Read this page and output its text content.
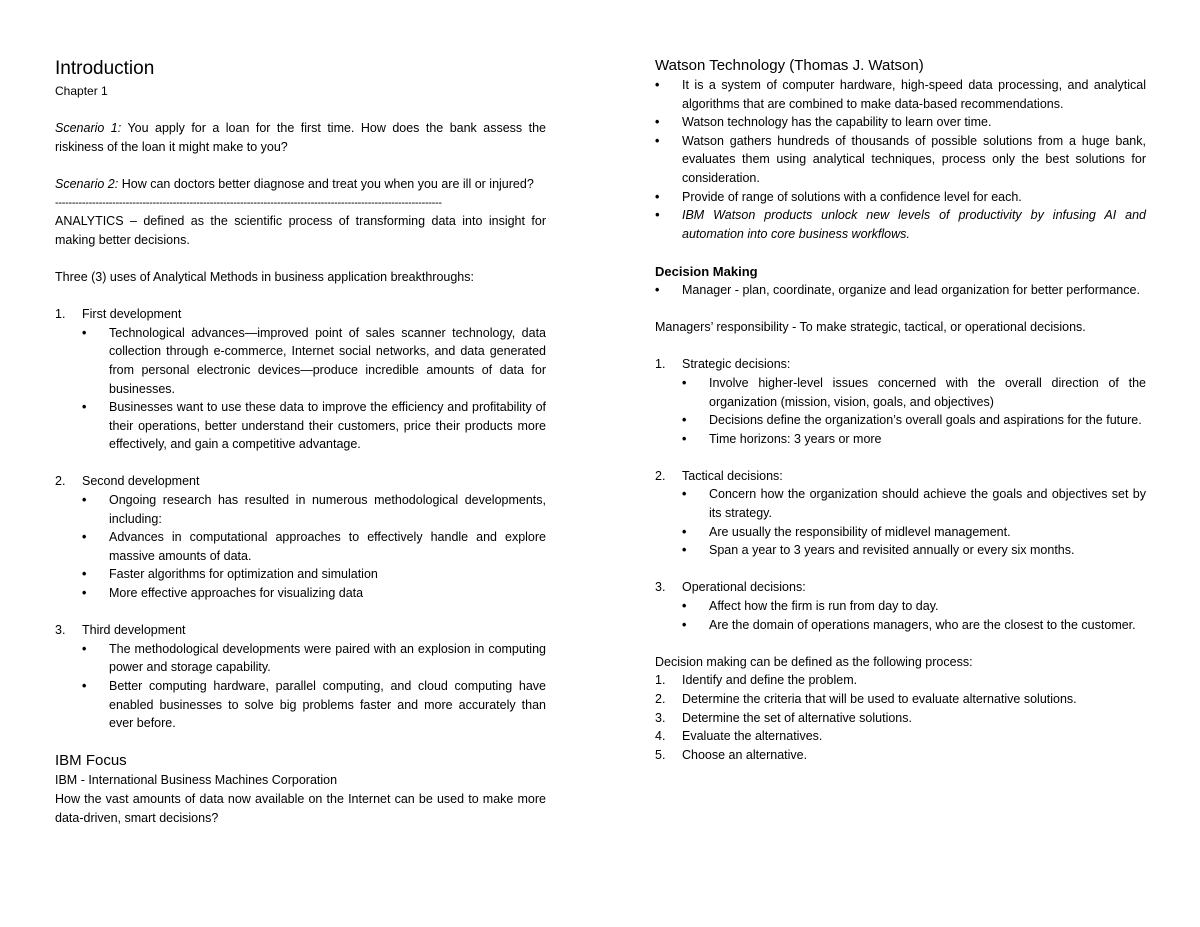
Introduction
Chapter 1
Scenario 1: You apply for a loan for the first time. How does the bank assess the riskiness of the loan it might make to you?
Scenario 2: How can doctors better diagnose and treat you when you are ill or injured?
-------------------------------------------------------------------------------------------------------------------
ANALYTICS – defined as the scientific process of transforming data into insight for making better decisions.
Three (3) uses of Analytical Methods in business application breakthroughs:
1. First development
• Technological advances—improved point of sales scanner technology, data collection through e-commerce, Internet social networks, and data generated from personal electronic devices—produce incredible amounts of data for businesses.
• Businesses want to use these data to improve the efficiency and profitability of their operations, better understand their customers, price their products more effectively, and gain a competitive advantage.
2. Second development
• Ongoing research has resulted in numerous methodological developments, including:
• Advances in computational approaches to effectively handle and explore massive amounts of data.
• Faster algorithms for optimization and simulation
• More effective approaches for visualizing data
3. Third development
• The methodological developments were paired with an explosion in computing power and storage capability.
• Better computing hardware, parallel computing, and cloud computing have enabled businesses to solve big problems faster and more accurately than ever before.
IBM Focus
IBM - International Business Machines Corporation
How the vast amounts of data now available on the Internet can be used to make more data-driven, smart decisions?
Watson Technology (Thomas J. Watson)
• It is a system of computer hardware, high-speed data processing, and analytical algorithms that are combined to make data-based recommendations.
• Watson technology has the capability to learn over time.
• Watson gathers hundreds of thousands of possible solutions from a huge bank, evaluates them using analytical techniques, process only the best solutions for consideration.
• Provide of range of solutions with a confidence level for each.
• IBM Watson products unlock new levels of productivity by infusing AI and automation into core business workflows.
Decision Making
• Manager - plan, coordinate, organize and lead organization for better performance.
Managers’ responsibility - To make strategic, tactical, or operational decisions.
1. Strategic decisions:
• Involve higher-level issues concerned with the overall direction of the organization (mission, vision, goals, and objectives)
• Decisions define the organization’s overall goals and aspirations for the future.
• Time horizons: 3 years or more
2. Tactical decisions:
• Concern how the organization should achieve the goals and objectives set by its strategy.
• Are usually the responsibility of midlevel management.
• Span a year to 3 years and revisited annually or every six months.
3. Operational decisions:
• Affect how the firm is run from day to day.
• Are the domain of operations managers, who are the closest to the customer.
Decision making can be defined as the following process:
1. Identify and define the problem.
2. Determine the criteria that will be used to evaluate alternative solutions.
3. Determine the set of alternative solutions.
4. Evaluate the alternatives.
5. Choose an alternative.
